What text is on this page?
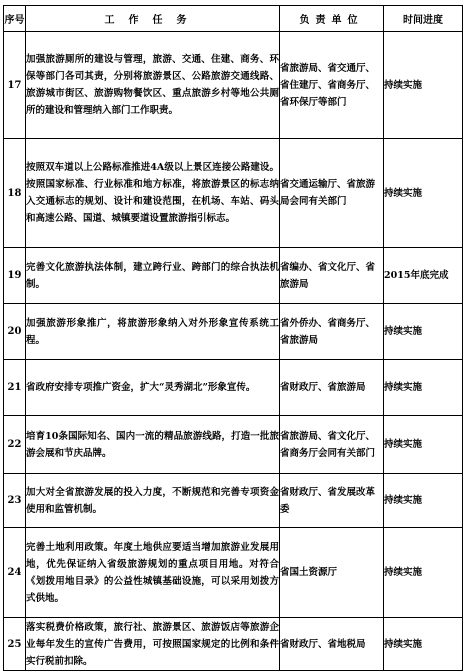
序号	工作任务	负责单位	时间进度
17	加强旅游厕所的建设与管理，旅游、交通、住建、商务、环保等部门各司其责，分别将旅游景区、公路旅游交通线路、旅游城市街区、旅游购物餐饮区、重点旅游乡村等地公共厕所的建设和管理纳入部门工作职责。	省旅游局、省交通厅、省住建厅、省商务厅、省环保厅等部门	持续实施
18	按照双车道以上公路标准推进4A级以上景区连接公路建设。按照国家标准、行业标准和地方标准，将旅游景区的标志纳入交通标志的规划、设计和建设范围，在机场、车站、码头和高速公路、国道、城镇要道设置旅游指引标志。	省交通运输厅、省旅游局会同有关部门	持续实施
19	完善文化旅游执法体制，建立跨行业、跨部门的综合执法机制。	省编办、省文化厅、省旅游局	2015年底完成
20	加强旅游形象推广，将旅游形象纳入对外形象宣传系统工程。	省外侨办、省商务厅、省旅游局	持续实施
21	省政府安排专项推广资金，扩大“灵秀湖北”形象宣传。	省财政厅、省旅游局	持续实施
22	培育10条国际知名、国内一流的精品旅游线路，打造一批旅游会展和节庆品牌。	省旅游局、省文化厅、省商务厅会同有关部门	持续实施
23	加大对全省旅游发展的投入力度，不断规范和完善专项资金使用和监管机制。	省财政厅、省发展改革委	持续实施
24	完善土地利用政策。年度土地供应要适当增加旅游业发展用地，优先保证纳入省级旅游规划的重点项目用地。对符合《划拨用地目录》的公益性城镇基础设施，可以采用划拨方式供地。	省国土资源厅	持续实施
25	落实税费价格政策，旅行社、旅游景区、旅游饭店等旅游企业每年发生的宣传广告费用，可按照国家规定的比例和条件实行税前扣除。	省财政厅、省地税局	持续实施
